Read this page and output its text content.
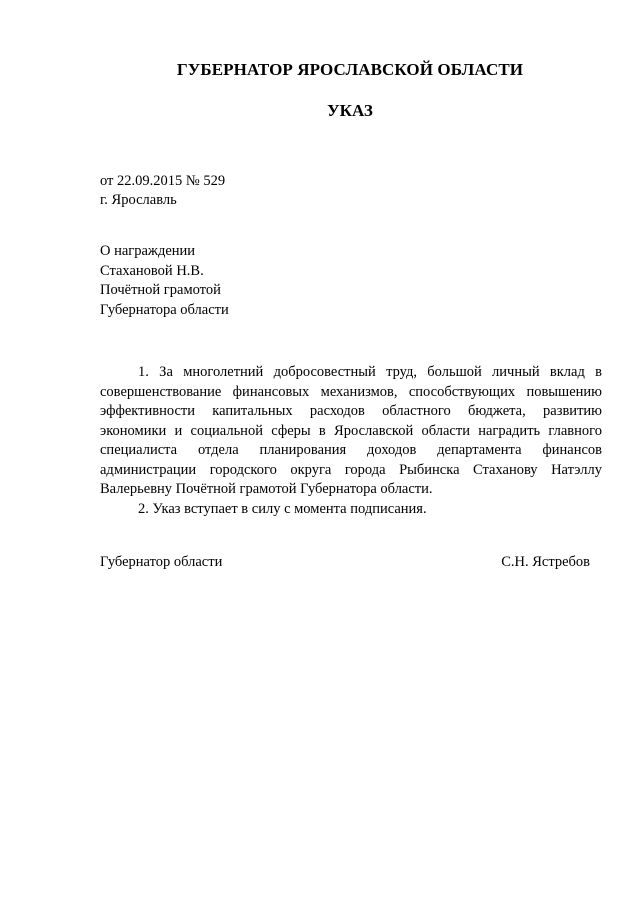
ГУБЕРНАТОР ЯРОСЛАВСКОЙ ОБЛАСТИ
УКАЗ
от 22.09.2015 № 529
г. Ярославль
О награждении
Стахановой Н.В.
Почётной грамотой
Губернатора области

1. За многолетний добросовестный труд, большой личный вклад в совершенствование финансовых механизмов, способствующих повышению эффективности капитальных расходов областного бюджета, развитию экономики и социальной сферы в Ярославской области наградить главного специалиста отдела планирования доходов департамента финансов администрации городского округа города Рыбинска Стаханову Натэллу Валерьевну Почётной грамотой Губернатора области.

2. Указ вступает в силу с момента подписания.

Губернатор области	С.Н. Ястребов
